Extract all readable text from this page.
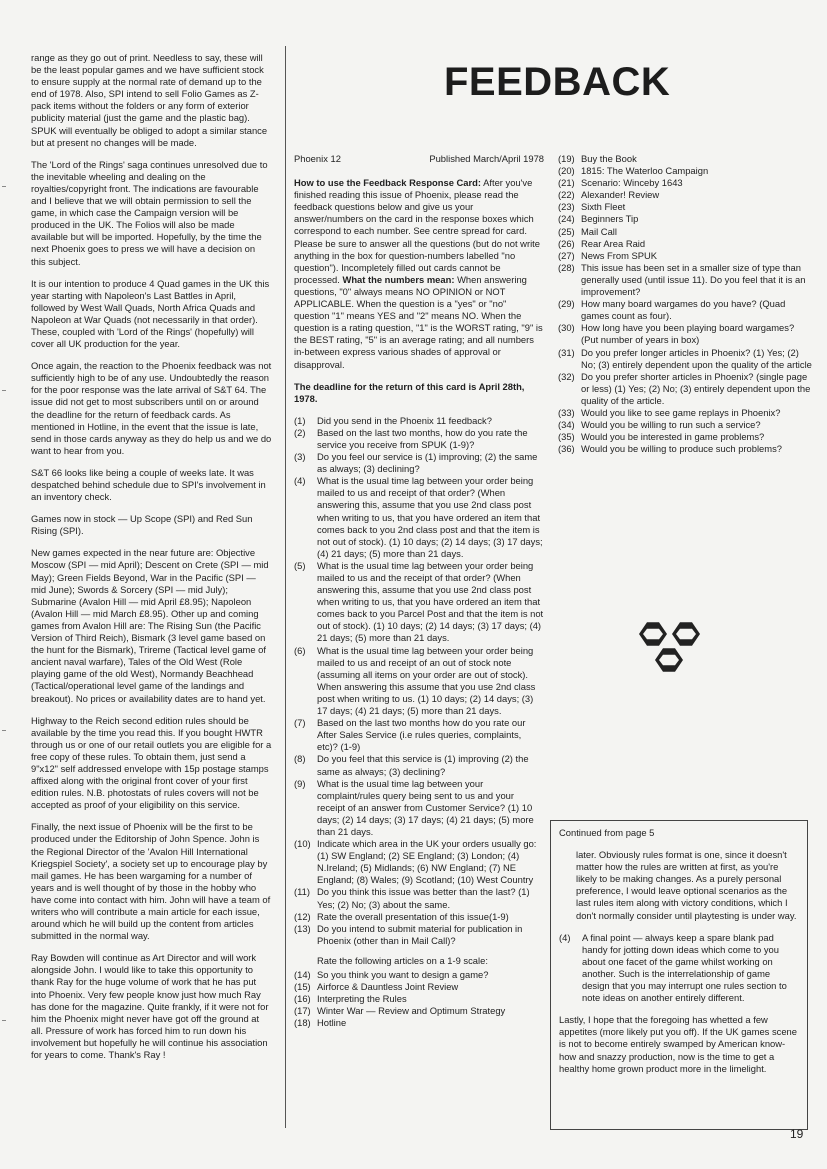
range as they go out of print. Needless to say, these will be the least popular games and we have sufficient stock to ensure supply at the normal rate of demand up to the end of 1978. Also, SPI intend to sell Folio Games as Z-pack items without the folders or any form of exterior publicity material (just the game and the plastic bag). SPUK will eventually be obliged to adopt a similar stance but at present no changes will be made.

The 'Lord of the Rings' saga continues unresolved due to the inevitable wheeling and dealing on the royalties/copyright front. The indications are favourable and I believe that we will obtain permission to sell the game, in which case the Campaign version will be produced in the UK. The Folios will also be made available but will be imported. Hopefully, by the time the next Phoenix goes to press we will have a decision on this subject.

It is our intention to produce 4 Quad games in the UK this year starting with Napoleon's Last Battles in April, followed by West Wall Quads, North Africa Quads and Napoleon at War Quads (not necessarily in that order). These, coupled with 'Lord of the Rings' (hopefully) will cover all UK production for the year.

Once again, the reaction to the Phoenix feedback was not sufficiently high to be of any use. Undoubtedly the reason for the poor response was the late arrival of S&T 64. The issue did not get to most subscribers until on or around the deadline for the return of feedback cards. As mentioned in Hotline, in the event that the issue is late, send in those cards anyway as they do help us and we do want to hear from you.

S&T 66 looks like being a couple of weeks late. It was despatched behind schedule due to SPI's involvement in an inventory check.

Games now in stock — Up Scope (SPI) and Red Sun Rising (SPI).

New games expected in the near future are: Objective Moscow (SPI — mid April); Descent on Crete (SPI — mid May); Green Fields Beyond, War in the Pacific (SPI — mid June); Swords & Sorcery (SPI — mid July); Submarine (Avalon Hill — mid April £8.95); Napoleon (Avalon Hill — mid March £8.95). Other up and coming games from Avalon Hill are: The Rising Sun (the Pacific Version of Third Reich), Bismark (3 level game based on the hunt for the Bismark), Trireme (Tactical level game of ancient naval warfare), Tales of the Old West (Role playing game of the old West), Normandy Beachhead (Tactical/operational level game of the landings and breakout). No prices or availability dates are to hand yet.

Highway to the Reich second edition rules should be available by the time you read this. If you bought HWTR through us or one of our retail outlets you are eligible for a free copy of these rules. To obtain them, just send a 9"x12" self addressed envelope with 15p postage stamps affixed along with the original front cover of your first edition rules. N.B. photostats of rules covers will not be accepted as proof of your eligibility on this service.

Finally, the next issue of Phoenix will be the first to be produced under the Editorship of John Spence. John is the Regional Director of the 'Avalon Hill International Kriegspiel Society', a society set up to encourage play by mail games. He has been wargaming for a number of years and is well thought of by those in the hobby who have come into contact with him. John will have a team of writers who will contribute a main article for each issue, around which he will build up the content from articles submitted in the normal way.

Ray Bowden will continue as Art Director and will work alongside John. I would like to take this opportunity to thank Ray for the huge volume of work that he has put into Phoenix. Very few people know just how much Ray has done for the magazine. Quite frankly, if it were not for him the Phoenix might never have got off the ground at all. Pressure of work has forced him to run down his involvement but hopefully he will continue his association for years to come. Thank's Ray !

FEEDBACK
Phoenix 12	Published March/April 1978

How to use the Feedback Response Card: After you've finished reading this issue of Phoenix, please read the feedback questions below and give us your answer/numbers on the card in the response boxes which correspond to each number. See centre spread for card. Please be sure to answer all the questions (but do not write anything in the box for question-numbers labelled "no question"). Incompletely filled out cards cannot be processed. What the numbers mean: When answering questions, "0" always means NO OPINION or NOT APPLICABLE. When the question is a "yes" or "no" question "1" means YES and "2" means NO. When the question is a rating question, "1" is the WORST rating, "9" is the BEST rating, "5" is an average rating; and all numbers in-between express various shades of approval or disapproval.

The deadline for the return of this card is April 28th, 1978.

(1)	Did you send in the Phoenix 11 feedback?
(2)	Based on the last two months, how do you rate the service you receive from SPUK (1-9)?
(3)	Do you feel our service is (1) improving; (2) the same as always; (3) declining?
(4)	What is the usual time lag between your order being mailed to us and receipt of that order? (When answering this, assume that you use 2nd class post when writing to us, that you have ordered an item that comes back to you 2nd class post and that the item is not out of stock). (1) 10 days; (2) 14 days; (3) 17 days; (4) 21 days; (5) more than 21 days.
(5)	What is the usual time lag between your order being mailed to us and the receipt of that order? (When answering this, assume that you use 2nd class post when writing to us, that you have ordered an item that comes back to you Parcel Post and that the item is not out of stock). (1) 10 days; (2) 14 days; (3) 17 days; (4) 21 days; (5) more than 21 days.
(6)	What is the usual time lag between your order being mailed to us and receipt of an out of stock note (assuming all items on your order are out of stock). When answering this assume that you use 2nd class post when writing to us. (1) 10 days; (2) 14 days; (3) 17 days; (4) 21 days; (5) more than 21 days.
(7)	Based on the last two months how do you rate our After Sales Service (i.e rules queries, complaints, etc)? (1-9)
(8)	Do you feel that this service is (1) improving (2) the same as always; (3) declining?
(9)	What is the usual time lag between your complaint/rules query being sent to us and your receipt of an answer from Customer Service? (1) 10 days; (2) 14 days; (3) 17 days; (4) 21 days; (5) more than 21 days.
(10) Indicate which area in the UK your orders usually go: (1) SW England; (2) SE England; (3) London; (4) N.Ireland; (5) Midlands; (6) NW England; (7) NE England; (8) Wales; (9) Scotland; (10) West Country
(11) Do you think this issue was better than the last? (1) Yes; (2) No; (3) about the same.
(12) Rate the overall presentation of this issue(1-9)
(13) Do you intend to submit material for publication in Phoenix (other than in Mail Call)?
Rate the following articles on a 1-9 scale:
(14) So you think you want to design a game?
(15) Airforce & Dauntless Joint Review
(16) Interpreting the Rules
(17) Winter War — Review and Optimum Strategy
(18) Hotline
(19) Buy the Book
(20) 1815: The Waterloo Campaign
(21) Scenario: Winceby 1643
(22) Alexander! Review
(23) Sixth Fleet
(24) Beginners Tip
(25) Mail Call
(26) Rear Area Raid
(27) News From SPUK
(28) This issue has been set in a smaller size of type than generally used (until issue 11). Do you feel that it is an improvement?
(29) How many board wargames do you have? (Quad games count as four).
(30) How long have you been playing board wargames? (Put number of years in box)
(31) Do you prefer longer articles in Phoenix? (1) Yes; (2) No; (3) entirely dependent upon the quality of the article
(32) Do you prefer shorter articles in Phoenix? (single page or less) (1) Yes; (2) No; (3) entirely dependent upon the quality of the article.
(33) Would you like to see game replays in Phoenix?
(34) Would you be willing to run such a service?
(35) Would you be interested in game problems?
(36) Would you be willing to produce such problems?

Continued from page 5

later. Obviously rules format is one, since it doesn't matter how the rules are written at first, as you're likely to be making changes. As a purely personal preference, I would leave optional scenarios as the last rules item along with victory conditions, which I don't normally consider until playtesting is under way.

(4)	A final point — always keep a spare blank pad handy for jotting down ideas which come to you about one facet of the game whilst working on another. Such is the interrelationship of game design that you may interrupt one rules section to note ideas on another entirely different.

Lastly, I hope that the foregoing has whetted a few appetites (more likely put you off). If the UK games scene is not to become entirely swamped by American know-how and snazzy production, now is the time to get a healthy home grown product more in the limelight.

19
